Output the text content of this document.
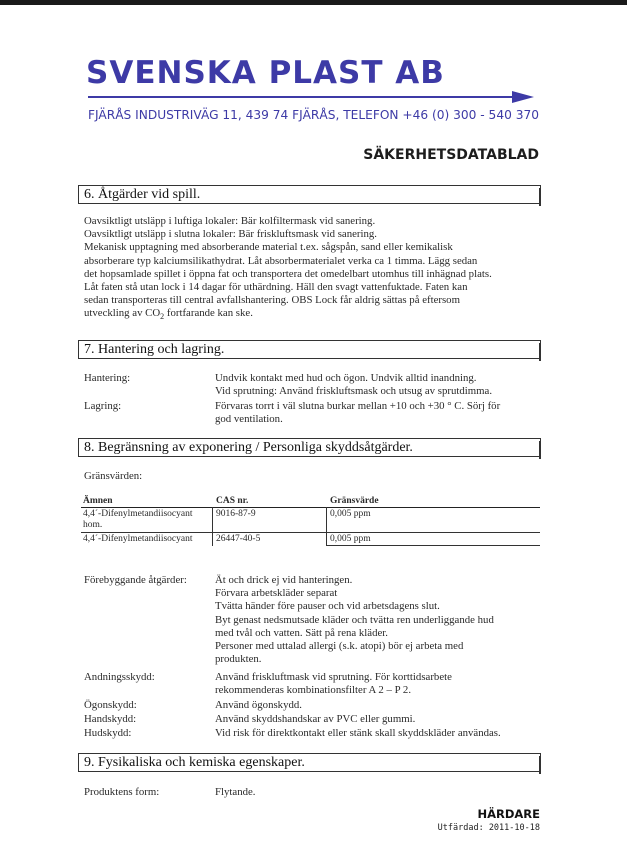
SVENSKA PLAST AB
FJÄRÅS INDUSTRIVÄG 11, 439 74 FJÄRÅS, TELEFON +46 (0) 300 - 540 370
SÄKERHETSDATABLAD
6. Åtgärder vid spill.
Oavsiktligt utsläpp i luftiga lokaler: Bär kolfiltermask vid sanering.
Oavsiktligt utsläpp i slutna lokaler: Bär friskluftsmask vid sanering.
Mekanisk upptagning med absorberande material t.ex. sågspån, sand eller kemikalisk
absorberare typ kalciumsilikathydrat. Låt absorbermaterialet verka ca 1 timma. Lägg sedan
det hopsamlade spillet i öppna fat och transportera det omedelbart utomhus till inhägnad plats.
Låt faten stå utan lock i 14 dagar för uthärdning. Häll den svagt vattenfuktade. Faten kan
sedan transporteras till central avfallshantering. OBS Lock får aldrig sättas på eftersom
utveckling av $CO_2$ fortfarande kan ske.
7. Hantering och lagring.
Hantering:	Undvik kontakt med hud och ögon. Undvik alltid inandning.
Vid sprutning: Använd friskluftsmask och utsug av sprutdimma.
Lagring:	Förvaras torrt i väl slutna burkar mellan +10 och +30 ° C. Sörj för
god ventilation.
8. Begränsning av exponering / Personliga skyddsåtgärder.
Gränsvärden:
Ämnen	CAS nr.	Gränsvärde
4,4´-Difenylmetandiisocyant
hom.
9016-87-9	0,005 ppm
4,4´-Difenylmetandiisocyant 26447-40-5	0,005 ppm
Förebyggande åtgärder:	Ät och drick ej vid hanteringen.
Förvara arbetskläder separat
Tvätta händer före pauser och vid arbetsdagens slut.
Byt genast nedsmutsade kläder och tvätta ren underliggande hud
med tvål och vatten. Sätt på rena kläder.
Personer med uttalad allergi (s.k. atopi) bör ej arbeta med
produkten.
Andningsskydd:	Använd friskluftmask vid sprutning. För korttidsarbete
rekommenderas kombinationsfilter A 2 – P 2.
Ögonskydd:	Använd ögonskydd.
Handskydd:	Använd skyddshandskar av PVC eller gummi.
Hudskydd:	Vid risk för direktkontakt eller stänk skall skyddskläder användas.
9. Fysikaliska och kemiska egenskaper.
Produktens form:	Flytande.
HÄRDARE
Utfärdad: 2011-10-18
